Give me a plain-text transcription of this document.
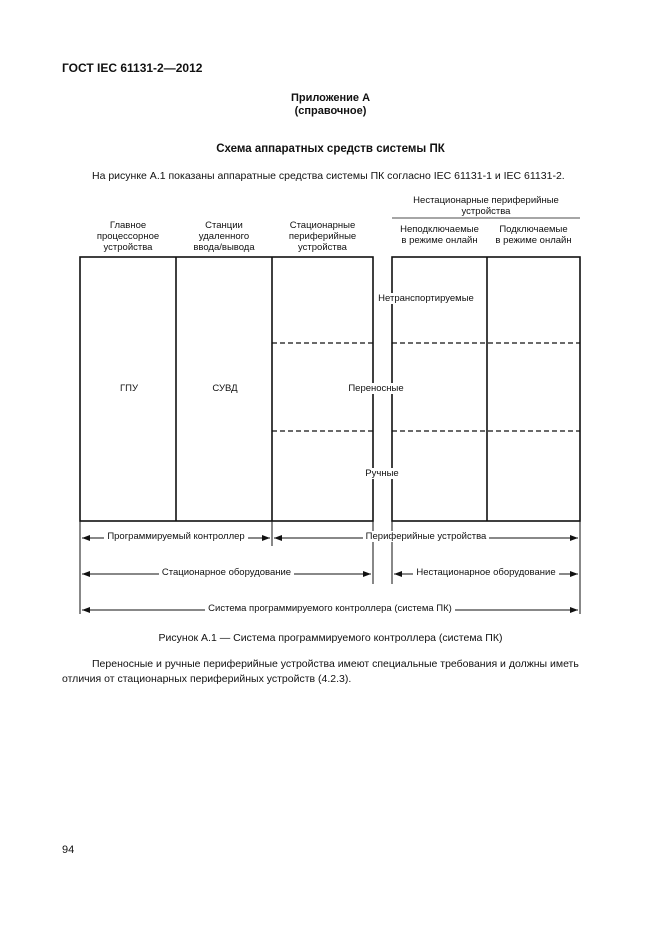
ГОСТ IEC 61131-2—2012
Приложение А
(справочное)
Схема аппаратных средств системы ПК
На рисунке А.1 показаны аппаратные средства системы ПК согласно IEC 61131-1 и IEC 61131-2.
Нестационарные периферийные
устройства
Главное
процессорное
устройства
Станции
удаленного
ввода/вывода
Стационарные
периферийные
устройства
Неподключаемые
в режиме онлайн
Подключаемые
в режиме онлайн
ГПУ	СУВД
Нетранспортируемые
Переносные
Ручные
Программируемый контроллер	Периферийные устройства
Стационарное оборудование	Нестационарное оборудование
Система программируемого контроллера (система ПК)
Рисунок А.1 — Система программируемого контроллера (система ПК)
Переносные и ручные периферийные устройства имеют специальные требования и должны иметь отличия от стационарных периферийных устройств (4.2.3).
94
